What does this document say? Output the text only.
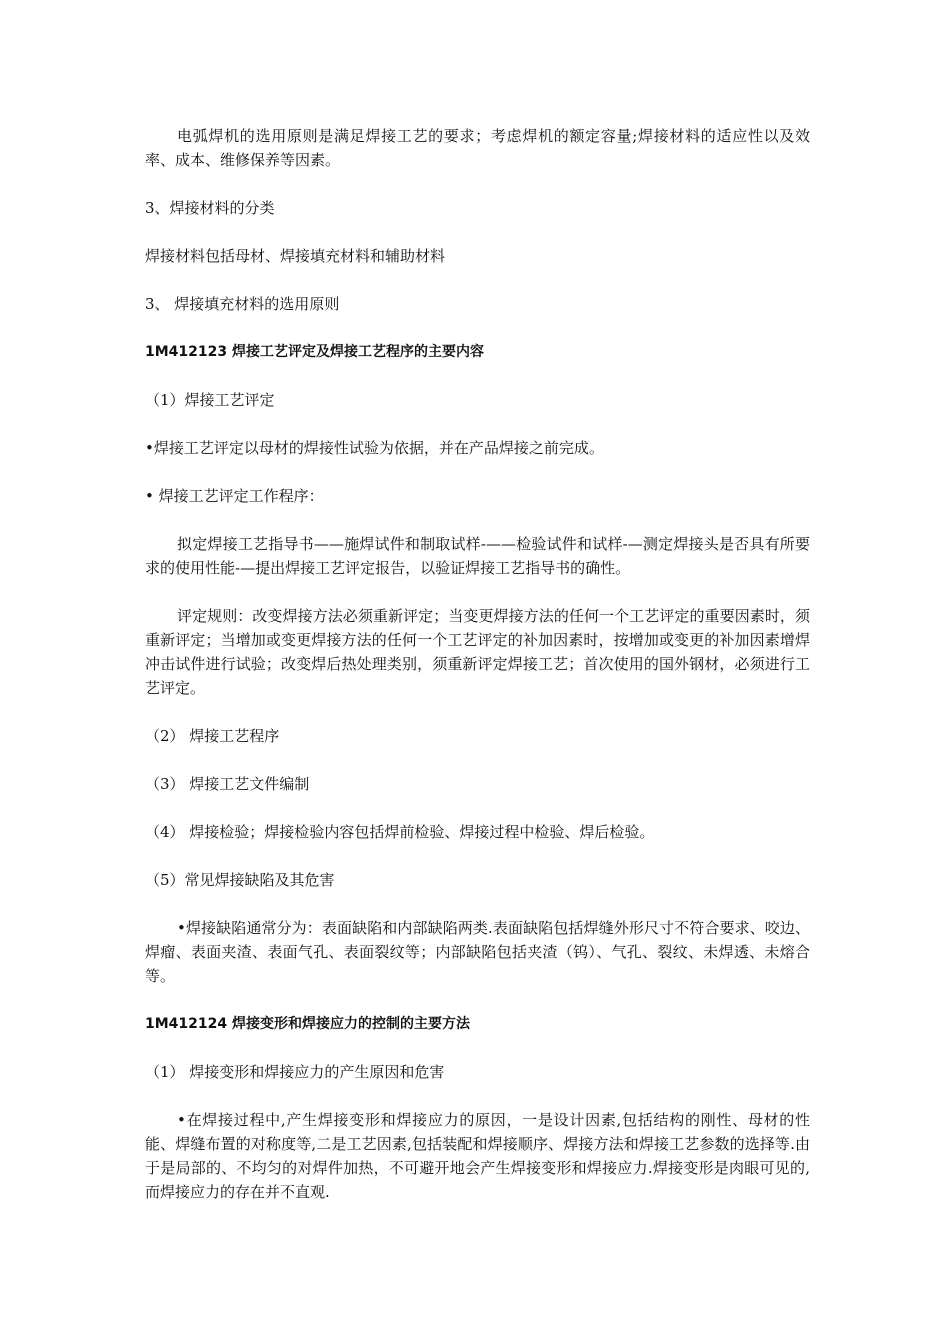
电弧焊机的选用原则是满足焊接工艺的要求；考虑焊机的额定容量;焊接材料的适应性以及效率、成本、维修保养等因素。

3、焊接材料的分类

焊接材料包括母材、焊接填充材料和辅助材料

3、 焊接填充材料的选用原则

1M412123 焊接工艺评定及焊接工艺程序的主要内容

（1）焊接工艺评定

•焊接工艺评定以母材的焊接性试验为依据，并在产品焊接之前完成。

• 焊接工艺评定工作程序：

拟定焊接工艺指导书——施焊试件和制取试样-——检验试件和试样-—测定焊接头是否具有所要求的使用性能-—提出焊接工艺评定报告，以验证焊接工艺指导书的确性。

评定规则：改变焊接方法必须重新评定；当变更焊接方法的任何一个工艺评定的重要因素时，须重新评定；当增加或变更焊接方法的任何一个工艺评定的补加因素时，按增加或变更的补加因素增焊冲击试件进行试验；改变焊后热处理类别，须重新评定焊接工艺；首次使用的国外钢材，必须进行工艺评定。

（2） 焊接工艺程序

（3） 焊接工艺文件编制

（4） 焊接检验；焊接检验内容包括焊前检验、焊接过程中检验、焊后检验。

（5）常见焊接缺陷及其危害

•焊接缺陷通常分为：表面缺陷和内部缺陷两类.表面缺陷包括焊缝外形尺寸不符合要求、咬边、焊瘤、表面夹渣、表面气孔、表面裂纹等；内部缺陷包括夹渣（钨）、气孔、裂纹、未焊透、未熔合等。

1M412124 焊接变形和焊接应力的控制的主要方法

（1） 焊接变形和焊接应力的产生原因和危害

•在焊接过程中,产生焊接变形和焊接应力的原因，一是设计因素,包括结构的刚性、母材的性能、焊缝布置的对称度等,二是工艺因素,包括装配和焊接顺序、焊接方法和焊接工艺参数的选择等.由于是局部的、不均匀的对焊件加热，不可避开地会产生焊接变形和焊接应力.焊接变形是肉眼可见的,而焊接应力的存在并不直观.
